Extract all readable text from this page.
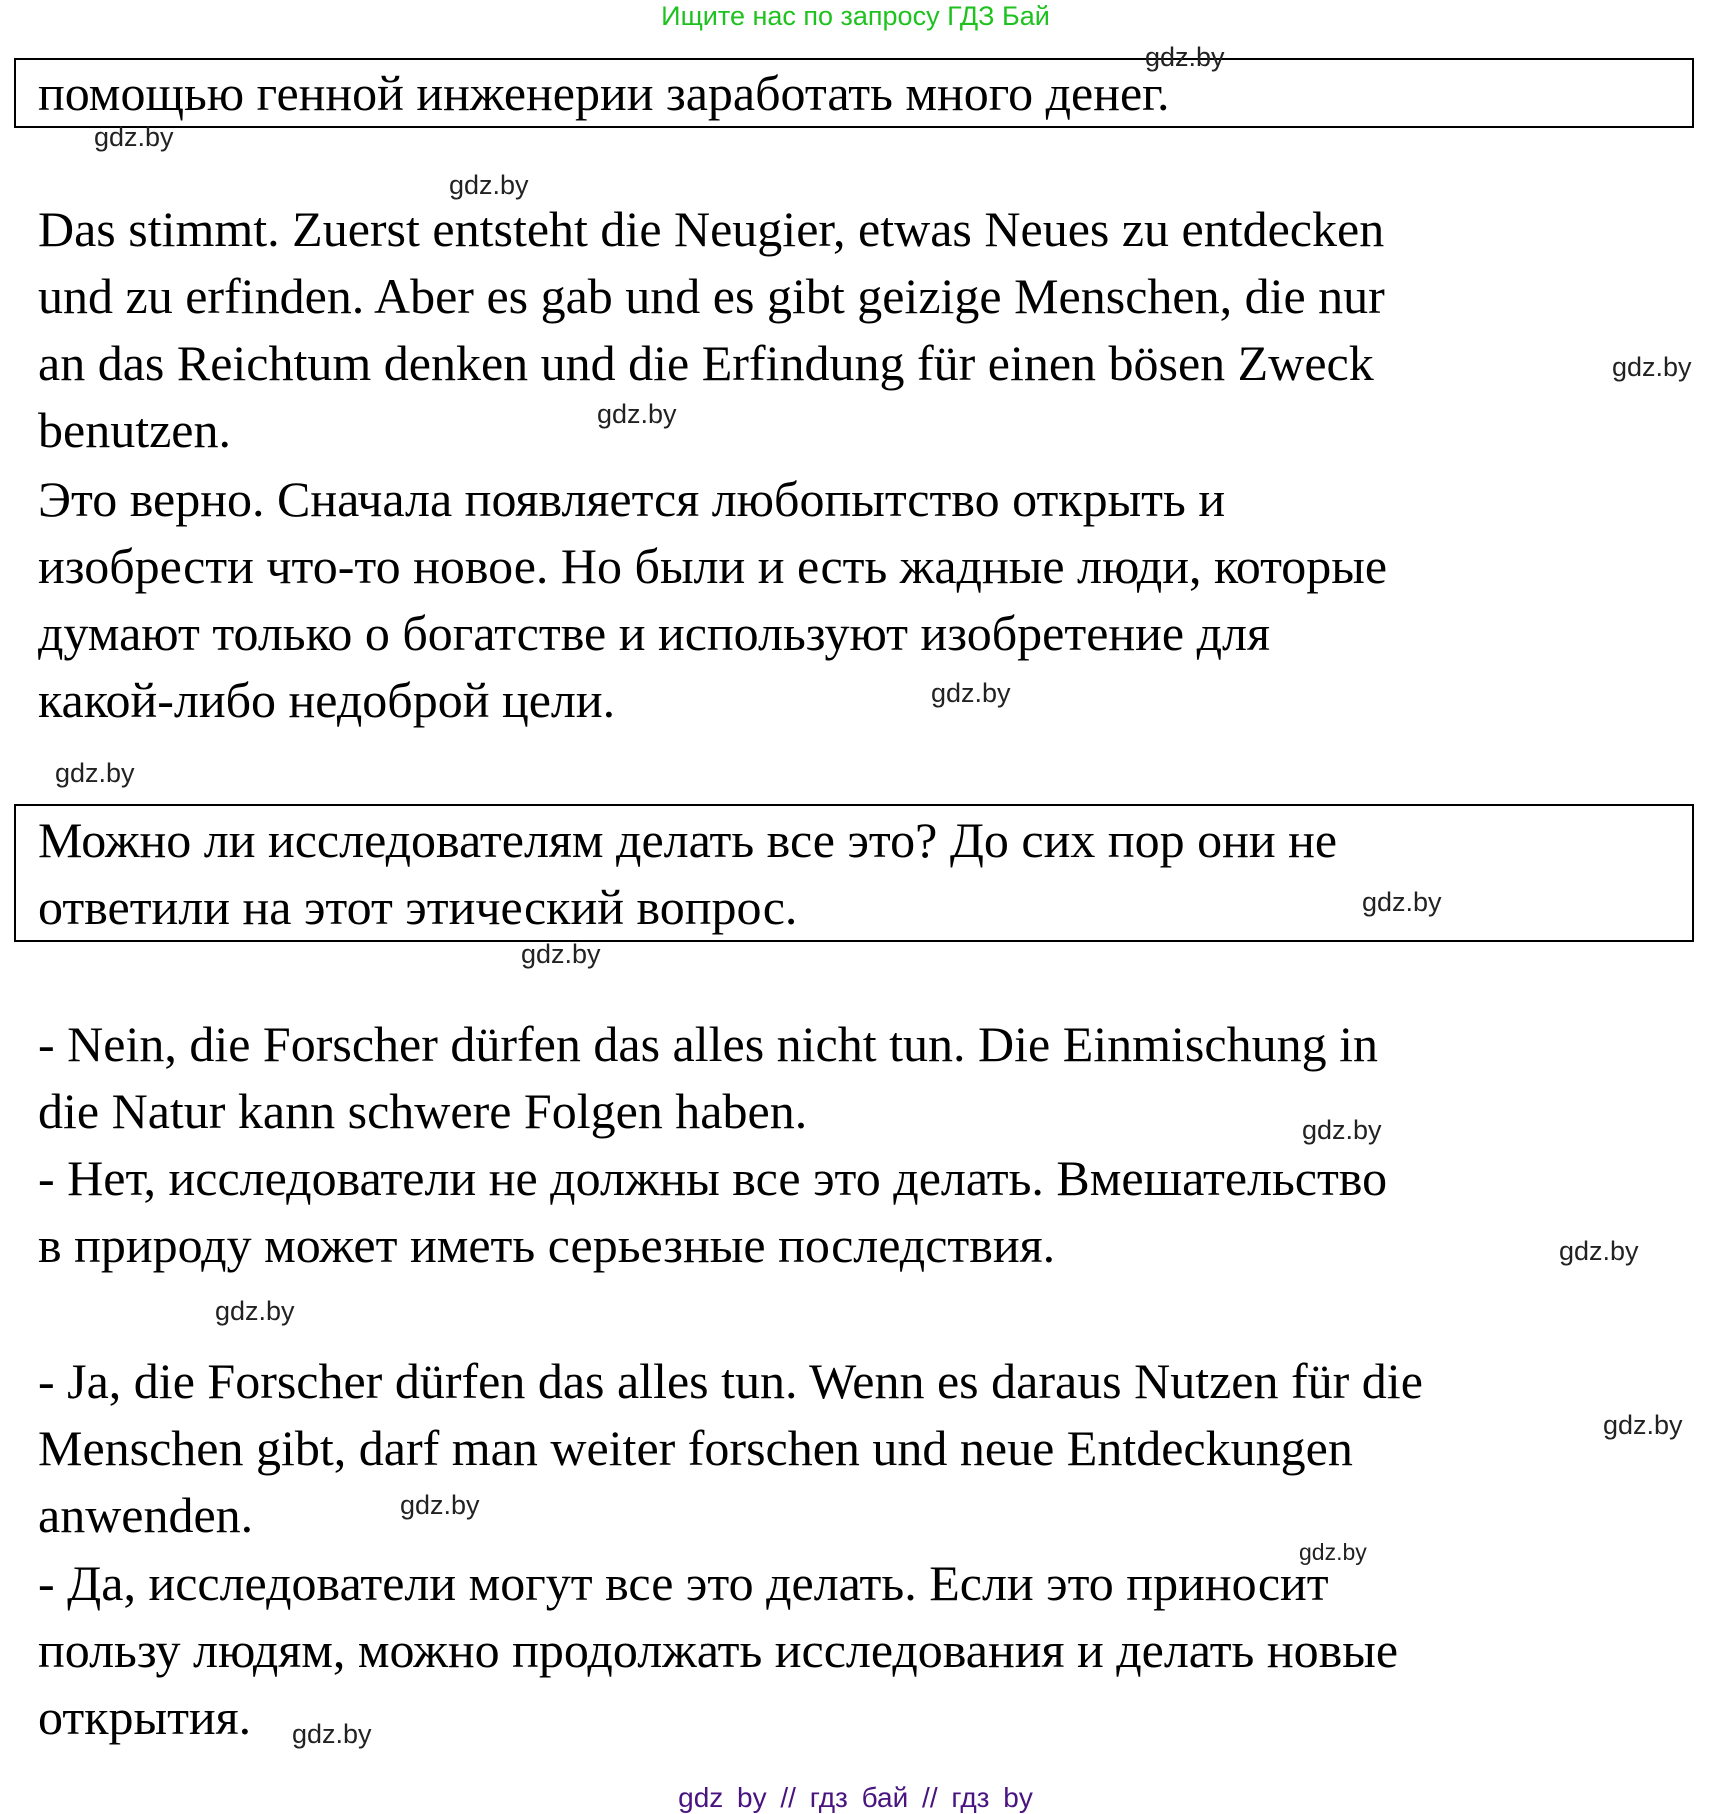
Ищите нас по запросу ГДЗ Бай
помощью генной инженерии заработать много денег.
Das stimmt. Zuerst entsteht die Neugier, etwas Neues zu entdecken
und zu erfinden. Aber es gab und es gibt geizige Menschen, die nur
an das Reichtum denken und die Erfindung für einen bösen Zweck
benutzen.
Это верно. Сначала появляется любопытство открыть и
изобрести что-то новое. Но были и есть жадные люди, которые
думают только о богатстве и используют изобретение для
какой-либо недоброй цели.
Можно ли исследователям делать все это? До сих пор они не
ответили на этот этический вопрос.
- Nein, die Forscher dürfen das alles nicht tun. Die Einmischung in
die Natur kann schwere Folgen haben.
- Нет, исследователи не должны все это делать. Вмешательство
в природу может иметь серьезные последствия.
- Ja, die Forscher dürfen das alles tun. Wenn es daraus Nutzen für die
Menschen gibt, darf man weiter forschen und neue Entdeckungen
anwenden.
- Да, исследователи могут все это делать. Если это приносит
пользу людям, можно продолжать исследования и делать новые
открытия.
gdz.by
gdz.by
gdz.by
gdz.by
gdz.by
gdz.by
gdz.by
gdz.by
gdz.by
gdz.by
gdz.by
gdz.by
gdz.by
gdz.by
gdz.by
gdz.by
gdz by // гдз бай // гдз by
